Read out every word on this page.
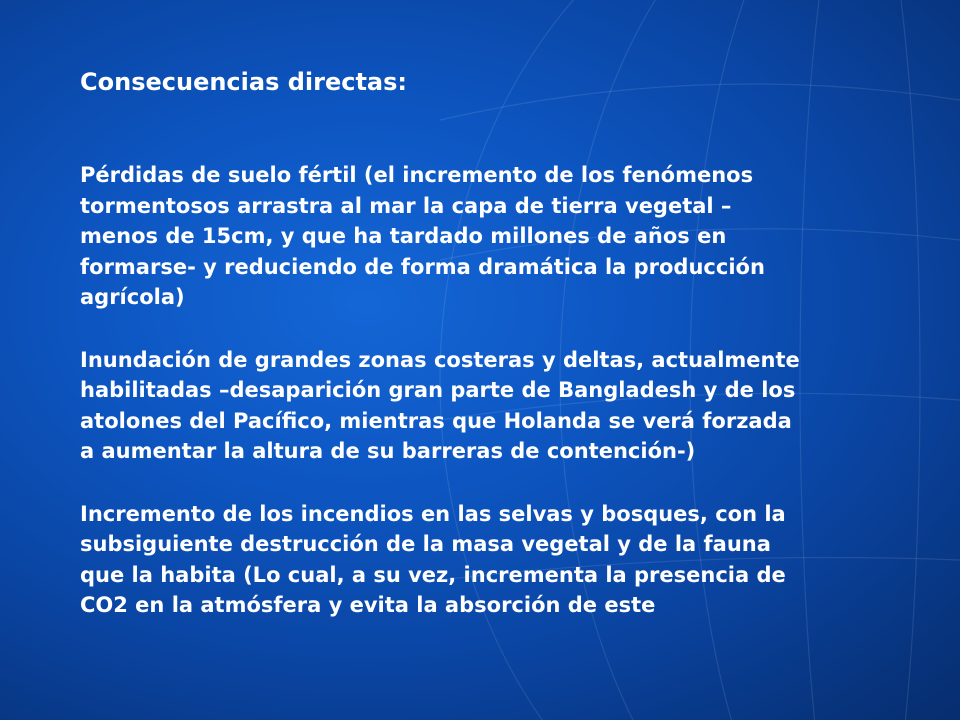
Consecuencias directas:

Pérdidas de suelo fértil (el incremento de los fenómenos
tormentosos arrastra al mar la capa de tierra vegetal –
menos de 15cm, y que ha tardado millones de años en
formarse- y reduciendo de forma dramática la producción
agrícola)

Inundación de grandes zonas costeras y deltas, actualmente
habilitadas –desaparición gran parte de Bangladesh y de los
atolones del Pacífico, mientras que Holanda se verá forzada
a aumentar la altura de su barreras de contención-)

Incremento de los incendios en las selvas y bosques, con la
subsiguiente destrucción de la masa vegetal y de la fauna
que la habita (Lo cual, a su vez, incrementa la presencia de
CO2 en la atmósfera y evita la absorción de este
